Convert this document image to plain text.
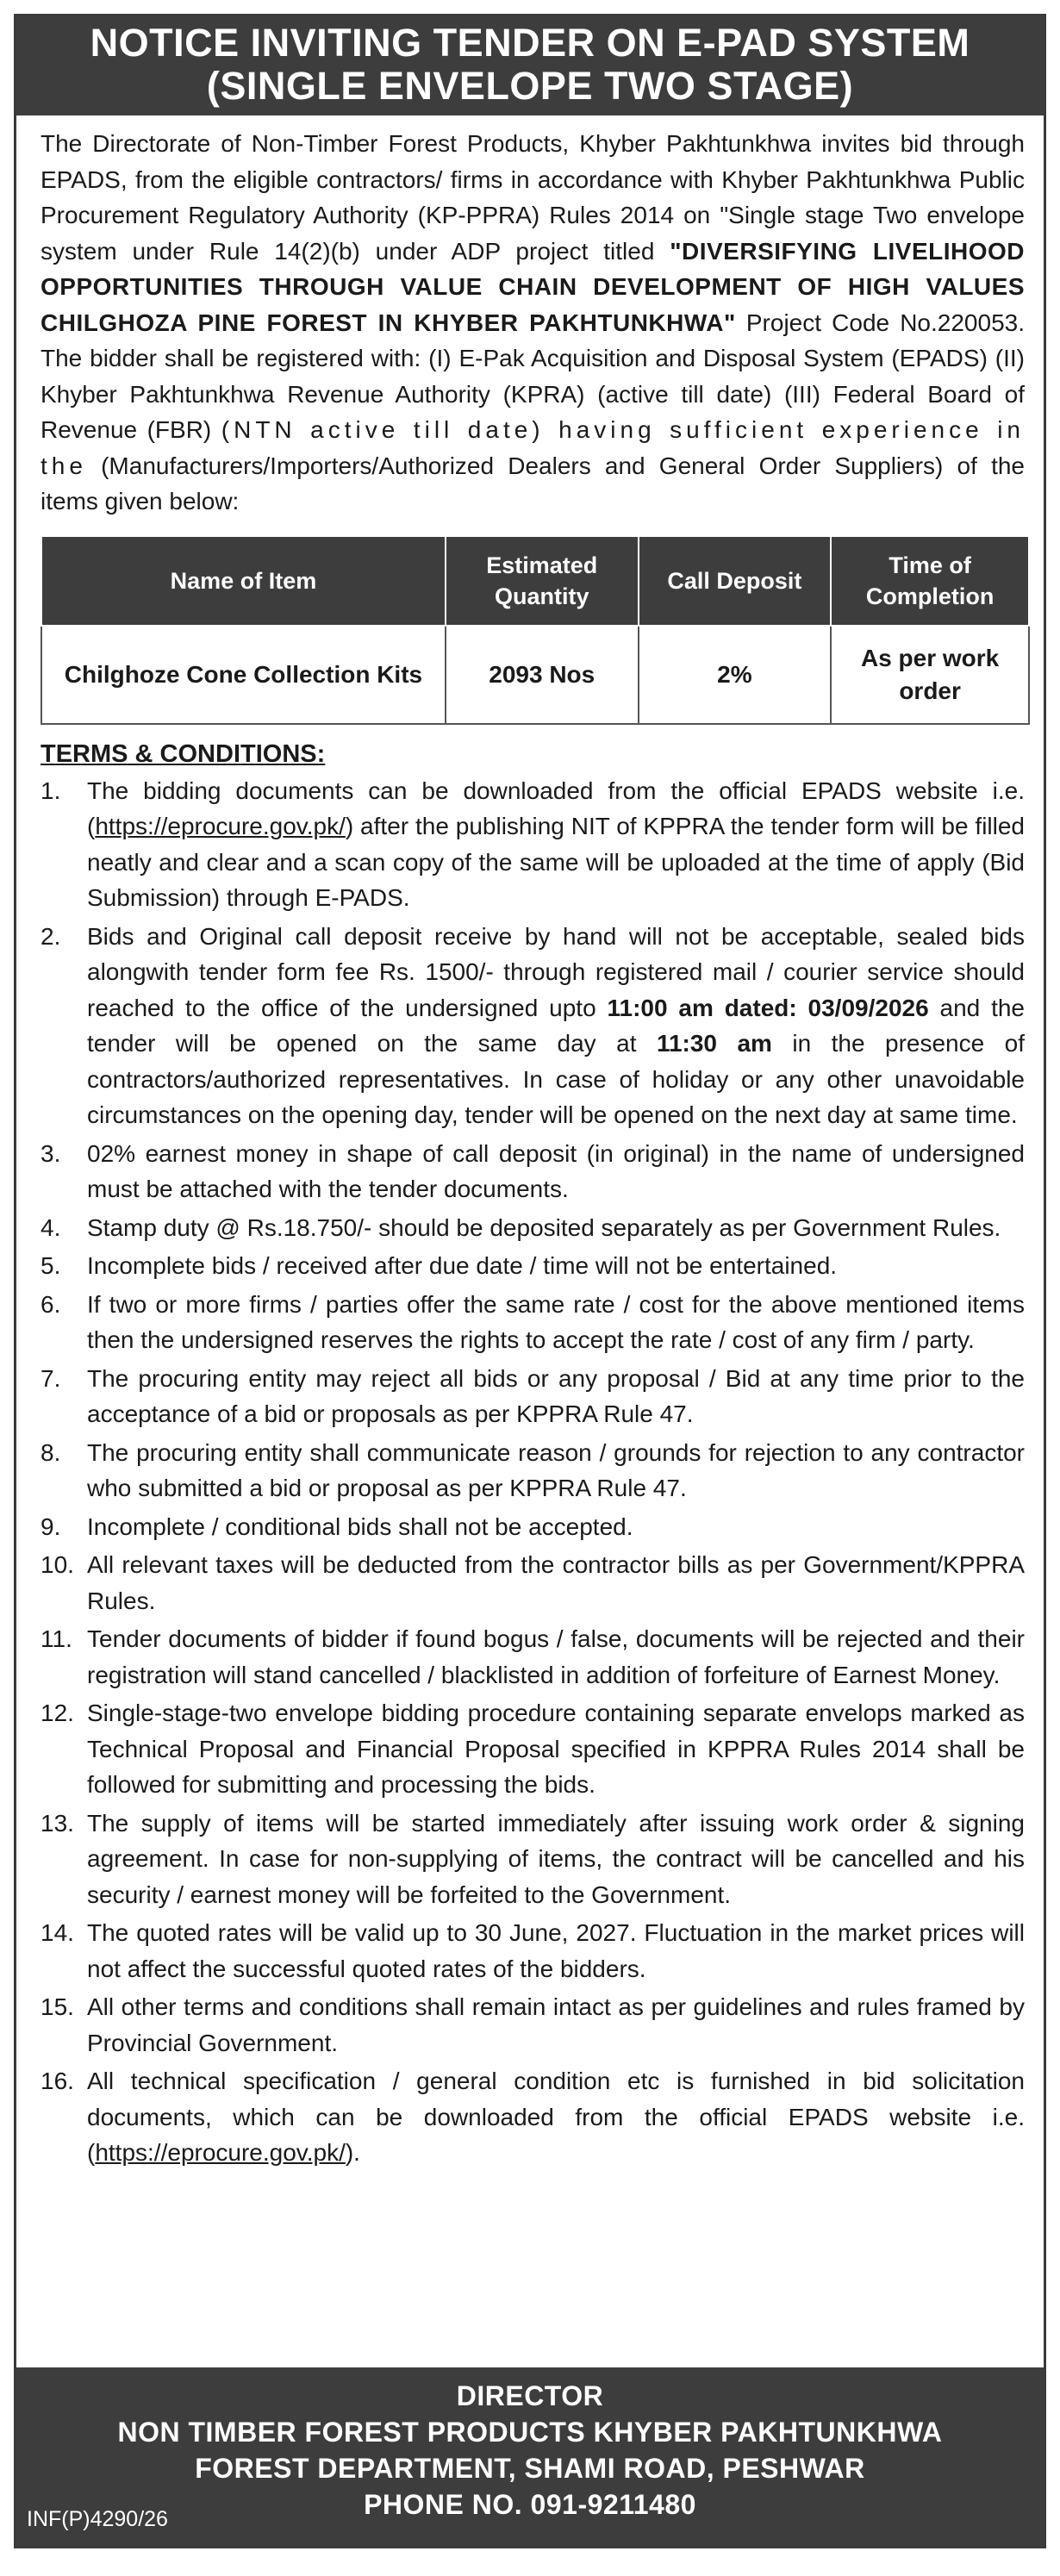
NOTICE INVITING TENDER ON E-PAD SYSTEM
(SINGLE ENVELOPE TWO STAGE)
The Directorate of Non-Timber Forest Products, Khyber Pakhtunkhwa invites bid through EPADS, from the eligible contractors/ firms in accordance with Khyber Pakhtunkhwa Public Procurement Regulatory Authority (KP-PPRA) Rules 2014 on "Single stage Two envelope system under Rule 14(2)(b) under ADP project titled "DIVERSIFYING LIVELIHOOD OPPORTUNITIES THROUGH VALUE CHAIN DEVELOPMENT OF HIGH VALUES CHILGHOZA PINE FOREST IN KHYBER PAKHTUNKHWA" Project Code No.220053. The bidder shall be registered with: (I) E-Pak Acquisition and Disposal System (EPADS) (II) Khyber Pakhtunkhwa Revenue Authority (KPRA) (active till date) (III) Federal Board of Revenue (FBR) (NTN active till date) having sufficient experience in the (Manufacturers/Importers/Authorized Dealers and General Order Suppliers) of the items given below:
Name of Item	Estimated Quantity	Call Deposit	Time of Completion
Chilghoze Cone Collection Kits	2093 Nos	2%	As per work order
TERMS & CONDITIONS:
1.	The bidding documents can be downloaded from the official EPADS website i.e. (https://eprocure.gov.pk/) after the publishing NIT of KPPRA the tender form will be filled neatly and clear and a scan copy of the same will be uploaded at the time of apply (Bid Submission) through E-PADS.
2.	Bids and Original call deposit receive by hand will not be acceptable, sealed bids alongwith tender form fee Rs. 1500/- through registered mail / courier service should reached to the office of the undersigned upto 11:00 am dated: 03/09/2026 and the tender will be opened on the same day at 11:30 am in the presence of contractors/authorized representatives. In case of holiday or any other unavoidable circumstances on the opening day, tender will be opened on the next day at same time.
3.	02% earnest money in shape of call deposit (in original) in the name of undersigned must be attached with the tender documents.
4.	Stamp duty @ Rs.18.750/- should be deposited separately as per Government Rules.
5.	Incomplete bids / received after due date / time will not be entertained.
6.	If two or more firms / parties offer the same rate / cost for the above mentioned items then the undersigned reserves the rights to accept the rate / cost of any firm / party.
7.	The procuring entity may reject all bids or any proposal / Bid at any time prior to the acceptance of a bid or proposals as per KPPRA Rule 47.
8.	The procuring entity shall communicate reason / grounds for rejection to any contractor who submitted a bid or proposal as per KPPRA Rule 47.
9.	Incomplete / conditional bids shall not be accepted.
10. All relevant taxes will be deducted from the contractor bills as per Government/KPPRA Rules.
11. Tender documents of bidder if found bogus / false, documents will be rejected and their registration will stand cancelled / blacklisted in addition of forfeiture of Earnest Money.
12. Single-stage-two envelope bidding procedure containing separate envelops marked as Technical Proposal and Financial Proposal specified in KPPRA Rules 2014 shall be followed for submitting and processing the bids.
13. The supply of items will be started immediately after issuing work order & signing agreement. In case for non-supplying of items, the contract will be cancelled and his security / earnest money will be forfeited to the Government.
14. The quoted rates will be valid up to 30 June, 2027. Fluctuation in the market prices will not affect the successful quoted rates of the bidders.
15. All other terms and conditions shall remain intact as per guidelines and rules framed by Provincial Government.
16. All technical specification / general condition etc is furnished in bid solicitation documents, which can be downloaded from the official EPADS website i.e. (https://eprocure.gov.pk/).
DIRECTOR
NON TIMBER FOREST PRODUCTS KHYBER PAKHTUNKHWA
FOREST DEPARTMENT, SHAMI ROAD, PESHWAR
PHONE NO. 091-9211480
INF(P)4290/26
